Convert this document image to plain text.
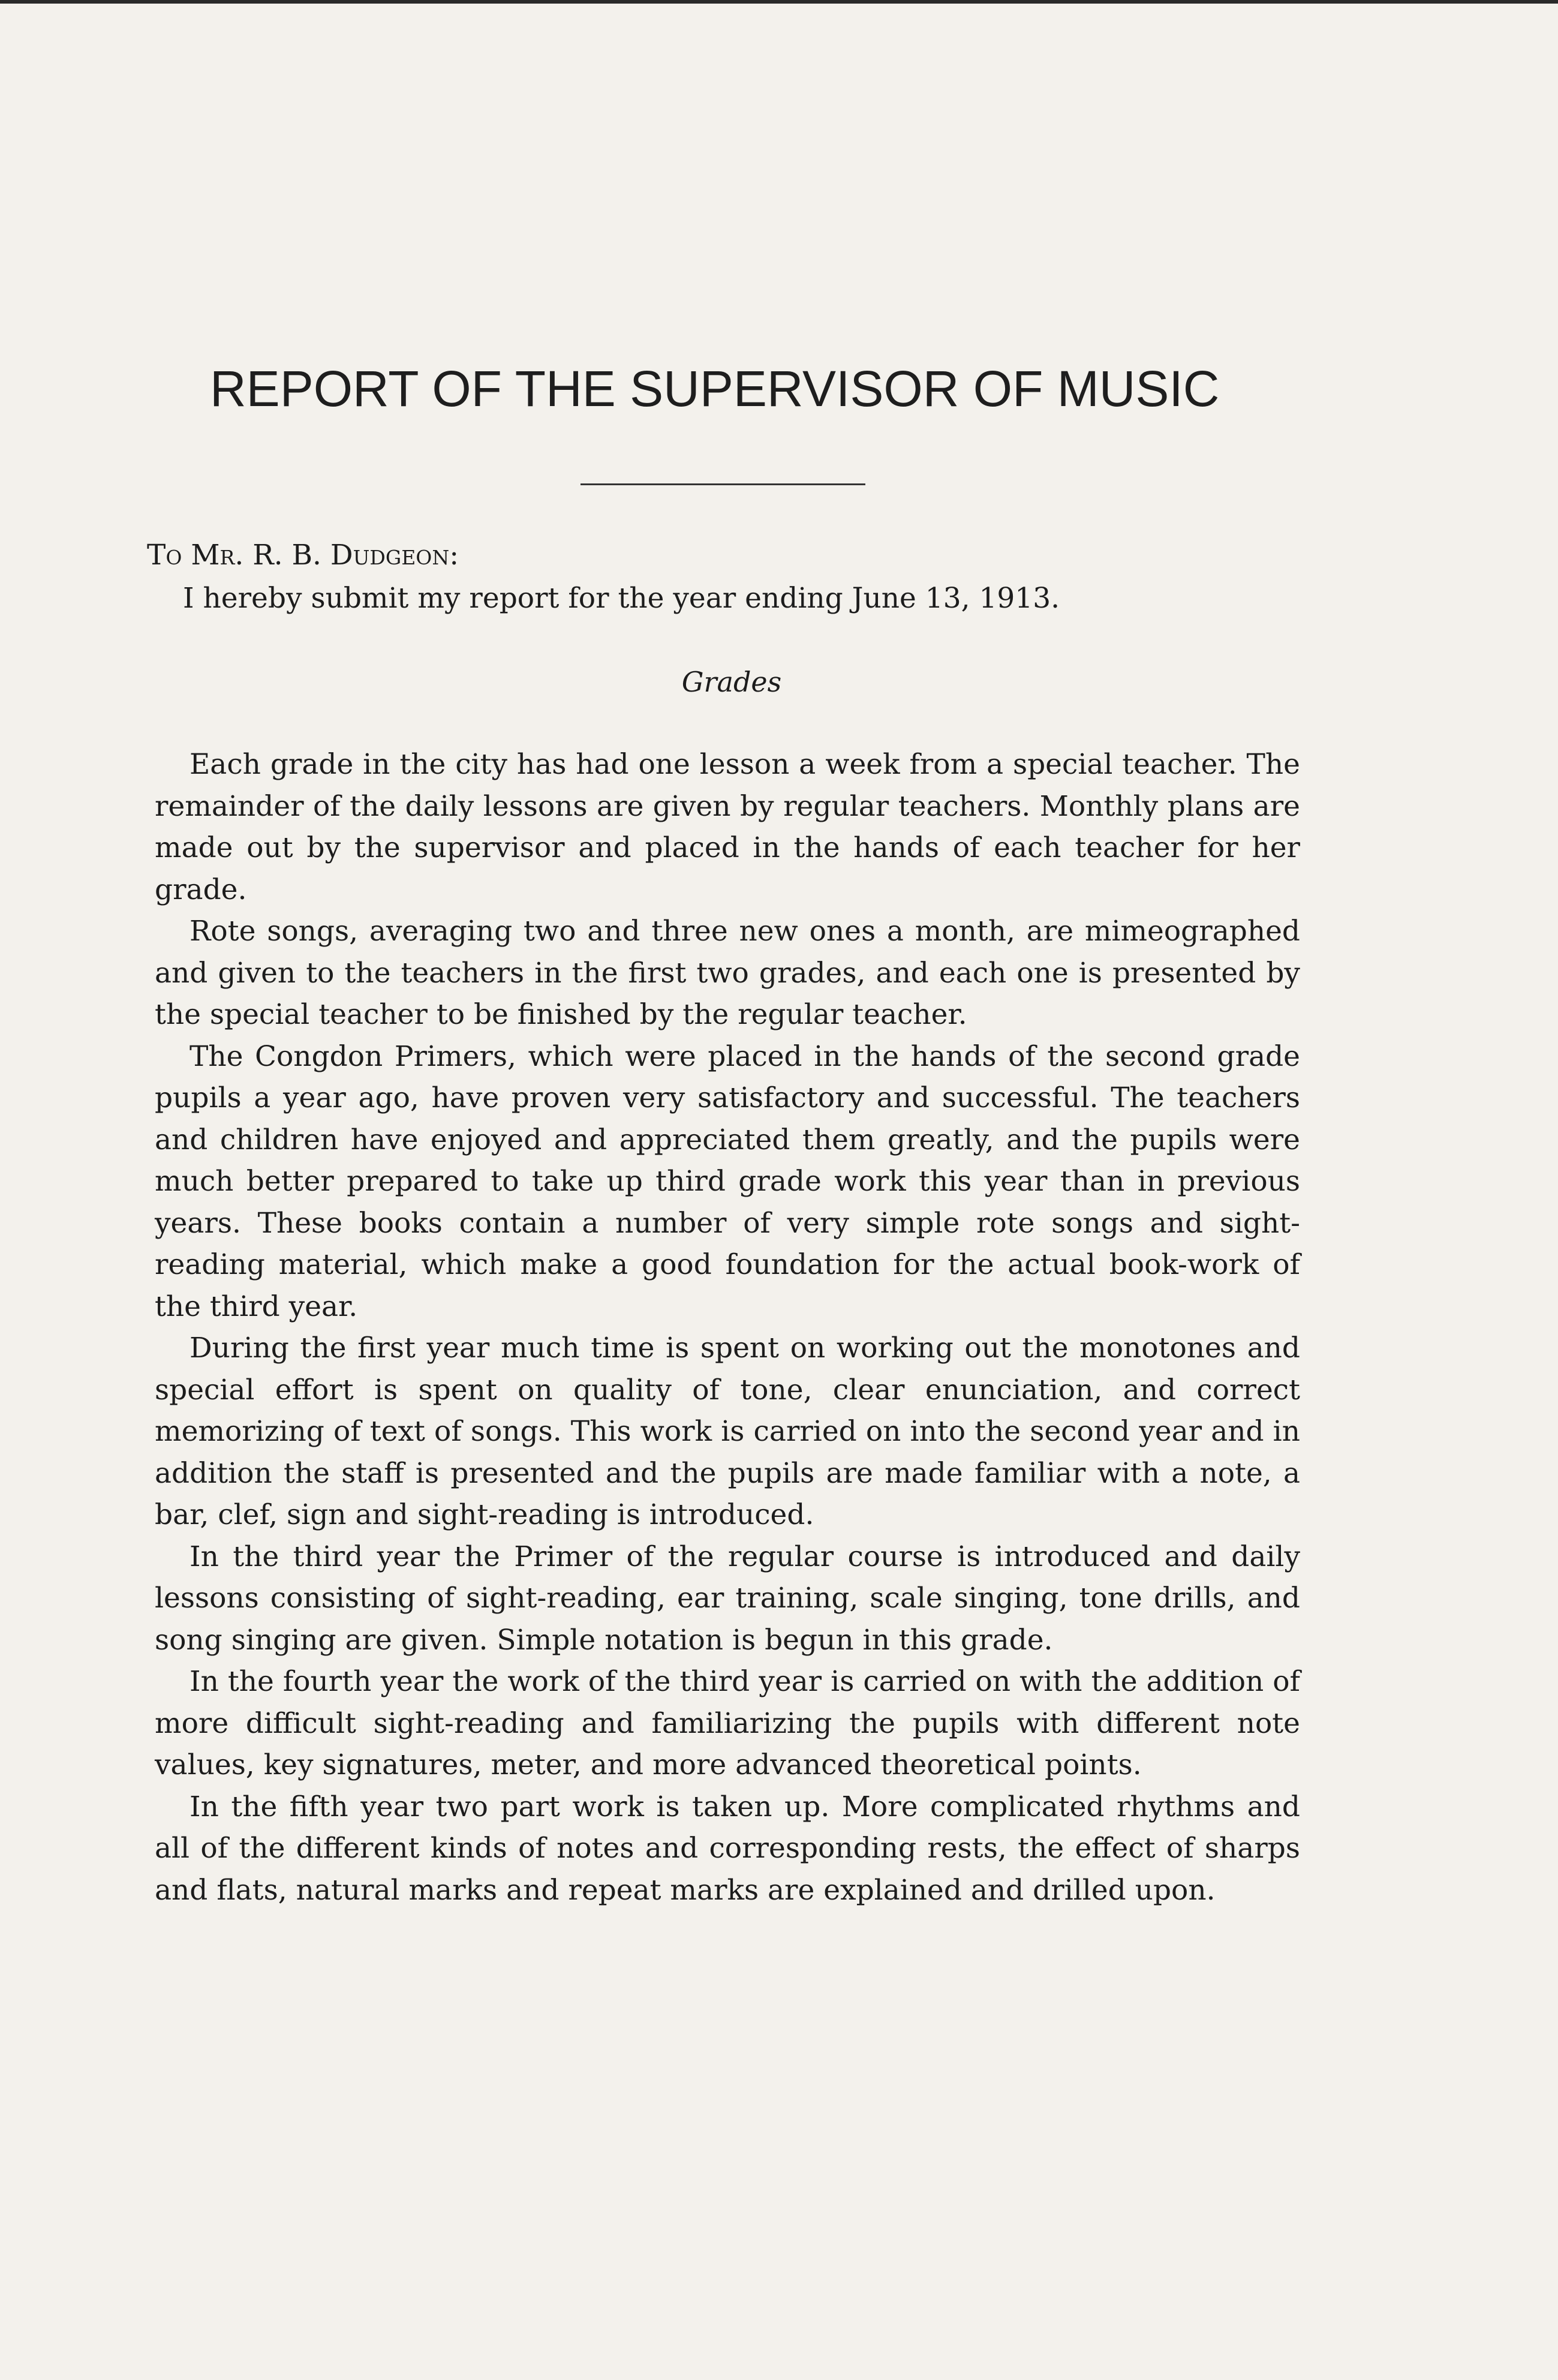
REPORT OF THE SUPERVISOR OF MUSIC
To Mr. R. B. Dudgeon:
I hereby submit my report for the year ending June 13, 1913.
Grades

Each grade in the city has had one lesson a week from a special teacher. The remainder of the daily lessons are given by regular teachers. Monthly plans are made out by the supervisor and placed in the hands of each teacher for her grade.

Rote songs, averaging two and three new ones a month, are mimeographed and given to the teachers in the first two grades, and each one is presented by the special teacher to be finished by the regular teacher.

The Congdon Primers, which were placed in the hands of the second grade pupils a year ago, have proven very satisfactory and successful. The teachers and children have enjoyed and appreciated them greatly, and the pupils were much better prepared to take up third grade work this year than in previous years. These books contain a number of very simple rote songs and sight-reading material, which make a good foundation for the actual book-work of the third year.

During the first year much time is spent on working out the monotones and special effort is spent on quality of tone, clear enunciation, and correct memorizing of text of songs. This work is carried on into the second year and in addition the staff is presented and the pupils are made familiar with a note, a bar, clef, sign and sight-reading is introduced.

In the third year the Primer of the regular course is introduced and daily lessons consisting of sight-reading, ear training, scale singing, tone drills, and song singing are given. Simple notation is begun in this grade.

In the fourth year the work of the third year is carried on with the addition of more difficult sight-reading and familiarizing the pupils with different note values, key signatures, meter, and more advanced theoretical points.

In the fifth year two part work is taken up. More complicated rhythms and all of the different kinds of notes and corresponding rests, the effect of sharps and flats, natural marks and repeat marks are explained and drilled upon.
